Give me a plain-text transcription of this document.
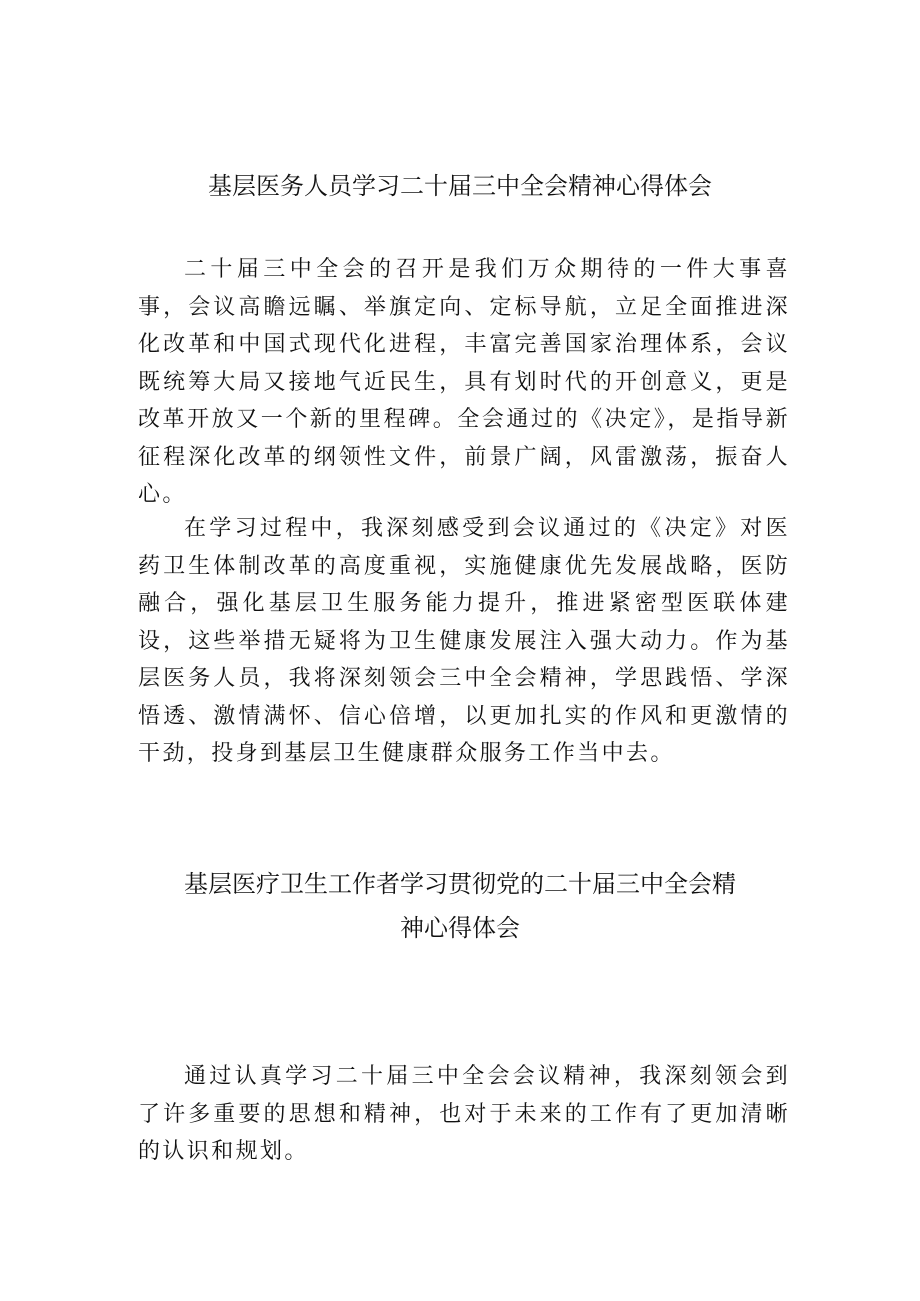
基层医务人员学习二十届三中全会精神心得体会

二十届三中全会的召开是我们万众期待的一件大事喜事，会议高瞻远瞩、举旗定向、定标导航，立足全面推进深化改革和中国式现代化进程，丰富完善国家治理体系，会议既统筹大局又接地气近民生，具有划时代的开创意义，更是改革开放又一个新的里程碑。全会通过的《决定》，是指导新征程深化改革的纲领性文件，前景广阔，风雷激荡，振奋人心。

在学习过程中，我深刻感受到会议通过的《决定》对医药卫生体制改革的高度重视，实施健康优先发展战略，医防融合，强化基层卫生服务能力提升，推进紧密型医联体建设，这些举措无疑将为卫生健康发展注入强大动力。作为基层医务人员，我将深刻领会三中全会精神，学思践悟、学深悟透、激情满怀、信心倍增，以更加扎实的作风和更激情的干劲，投身到基层卫生健康群众服务工作当中去。

基层医疗卫生工作者学习贯彻党的二十届三中全会精
神心得体会

通过认真学习二十届三中全会会议精神，我深刻领会到了许多重要的思想和精神，也对于未来的工作有了更加清晰的认识和规划。
